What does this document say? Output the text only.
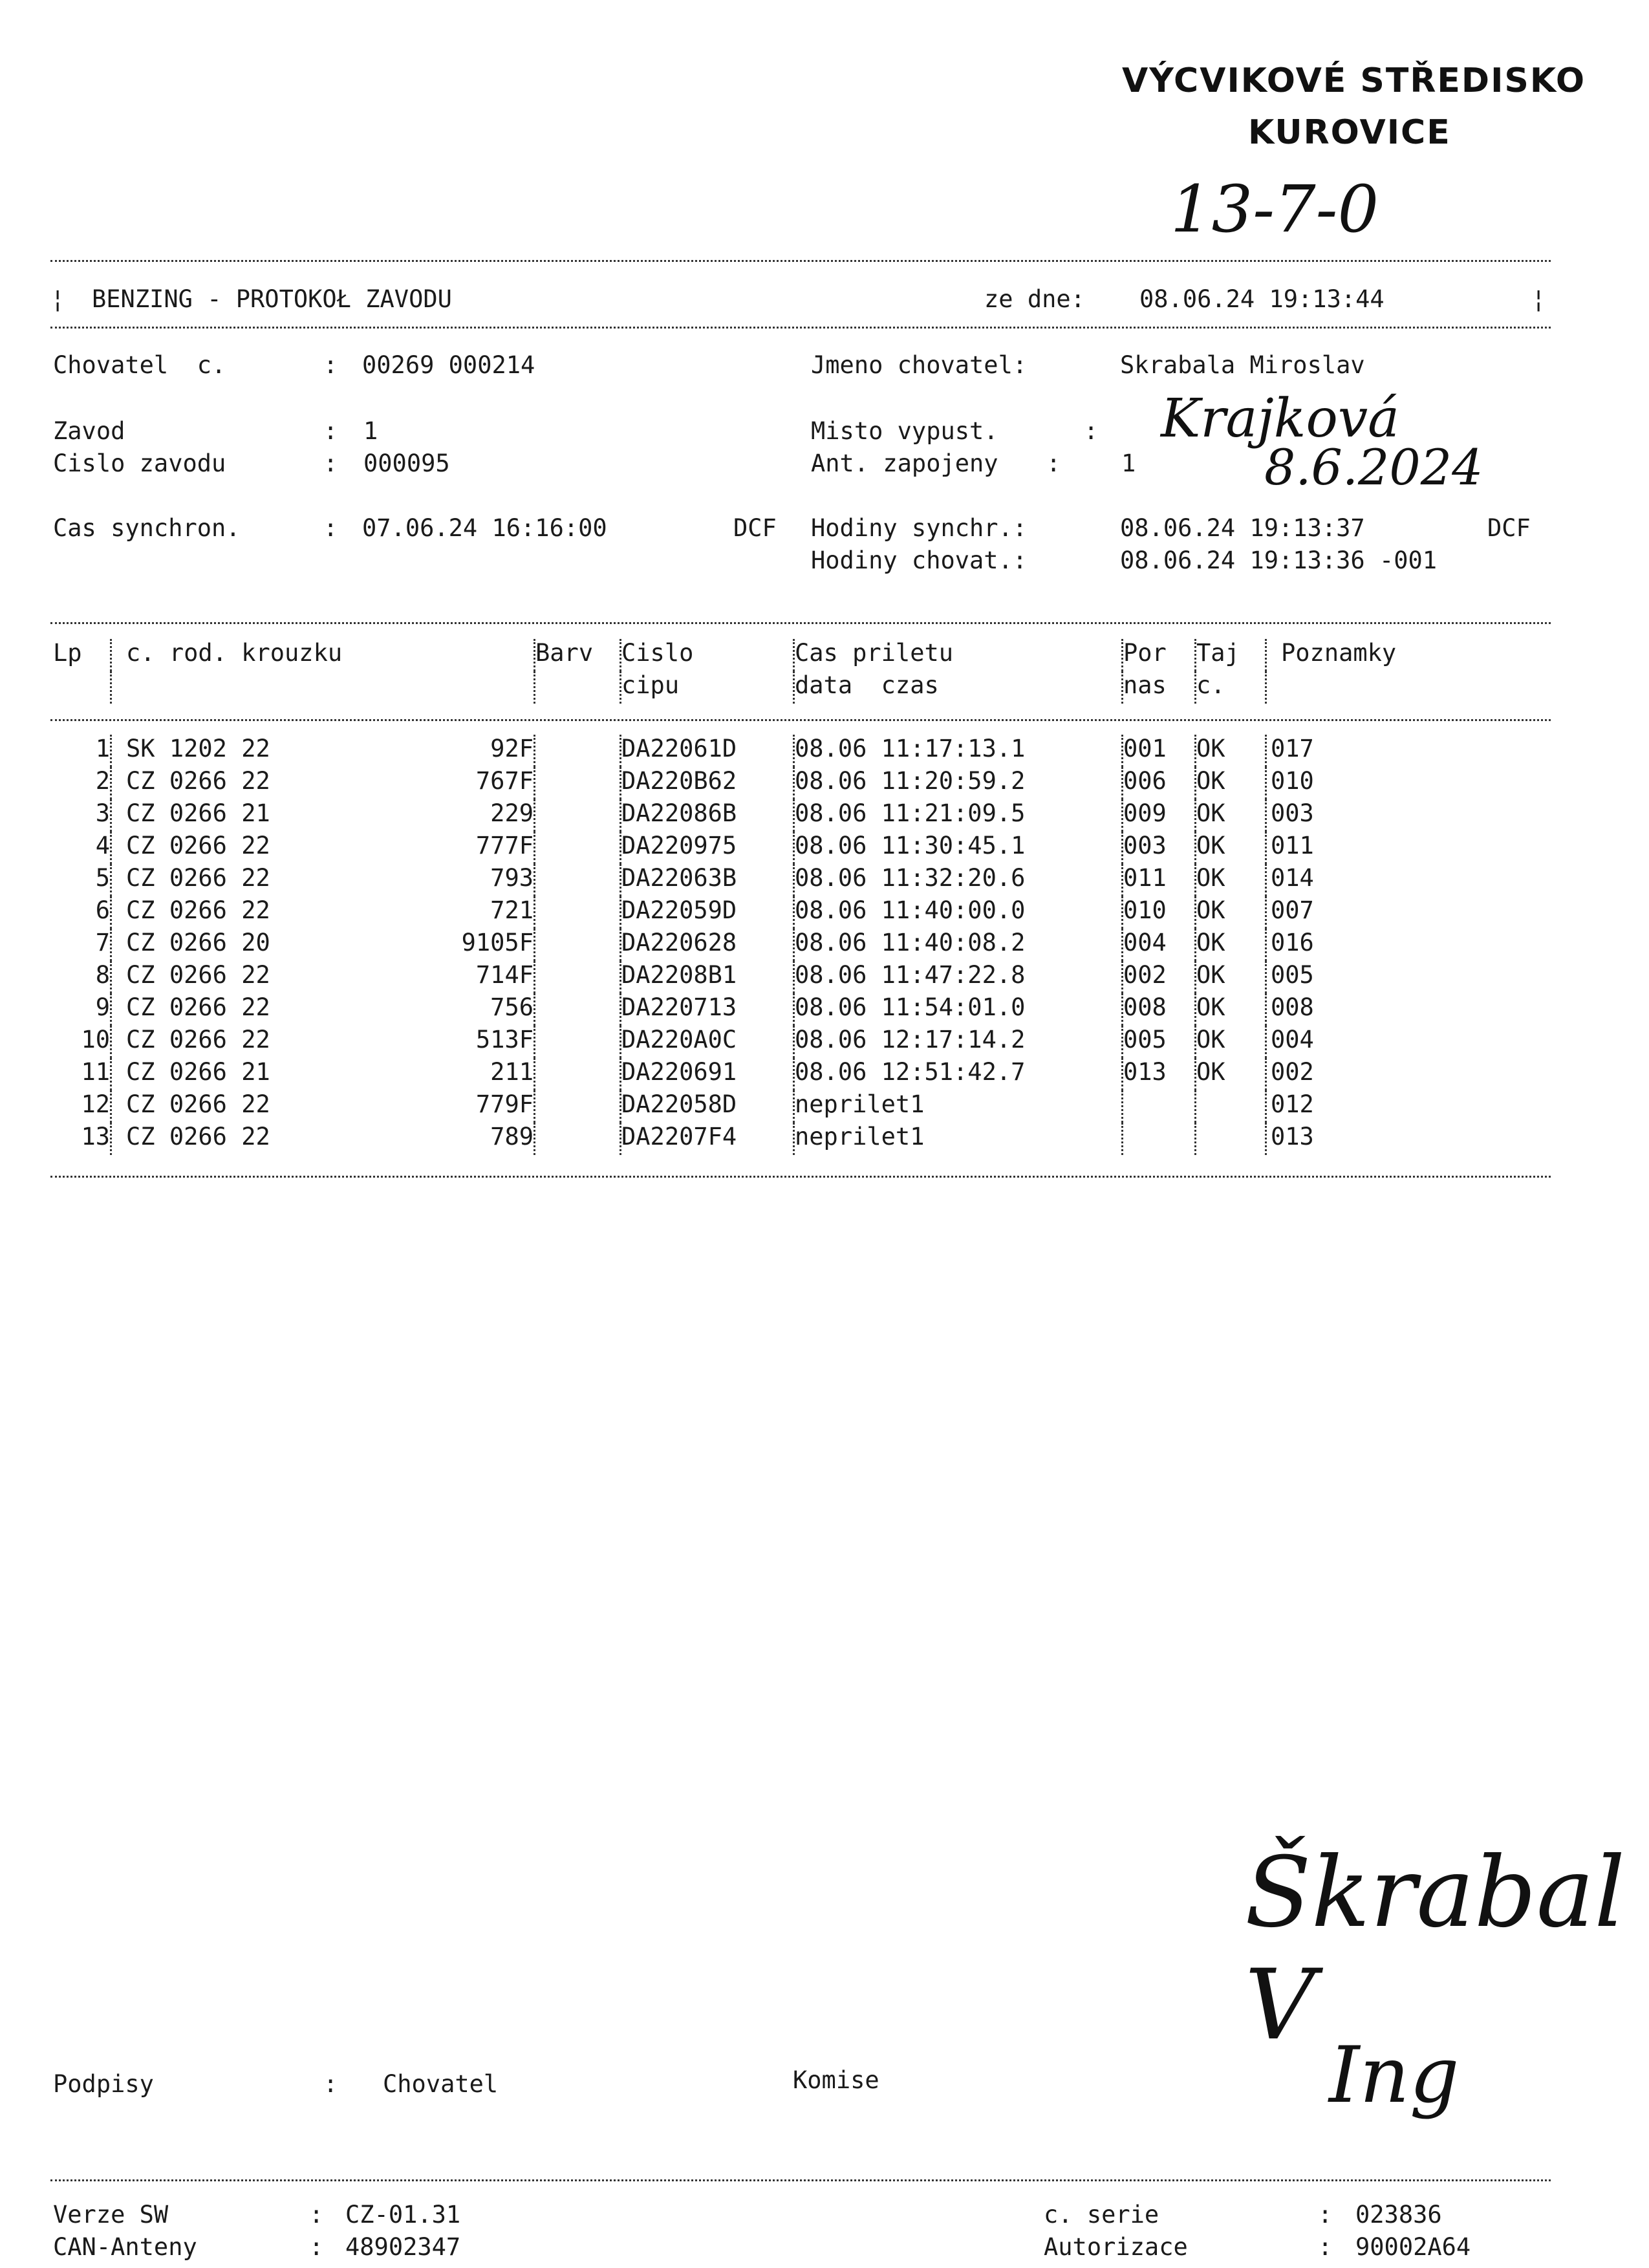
VÝCVIKOVÉ STŘEDISKO
KUROVICE
13-7-0
¦ BENZING - PROTOKOŁ ZAVODU	ze dne: 08.06.24 19:13:44	¦
Chovatel  c.	: 00269 000214	Jmeno chovatel:	Skrabala Miroslav
Zavod	: 1	Misto vypust.	:
Cislo zavodu	: 000095	Ant. zapojeny :	1
Krajková
8.6.2024
Cas synchron.	: 07.06.24 16:16:00	DCF Hodiny synchr.:	08.06.24 19:13:37	DCF
Hodiny chovat.:	08.06.24 19:13:36 -001
Lp	c. rod. krouzku	Barv	Cislo	Cas priletu	Por	Taj	Poznamky
			cipu	data  czas	nas	c.	
1	SK 1202 22	92F		DA22061D	08.06 11:17:13.1	001	OK	017
2	CZ 0266 22	767F		DA220B62	08.06 11:20:59.2	006	OK	010
3	CZ 0266 21	229		DA22086B	08.06 11:21:09.5	009	OK	003
4	CZ 0266 22	777F		DA220975	08.06 11:30:45.1	003	OK	011
5	CZ 0266 22	793		DA22063B	08.06 11:32:20.6	011	OK	014
6	CZ 0266 22	721		DA22059D	08.06 11:40:00.0	010	OK	007
7	CZ 0266 20	9105F		DA220628	08.06 11:40:08.2	004	OK	016
8	CZ 0266 22	714F		DA2208B1	08.06 11:47:22.8	002	OK	005
9	CZ 0266 22	756		DA220713	08.06 11:54:01.0	008	OK	008
10	CZ 0266 22	513F		DA220A0C	08.06 12:17:14.2	005	OK	004
11	CZ 0266 21	211		DA220691	08.06 12:51:42.7	013	OK	002
12	CZ 0266 22	779F		DA22058D	neprilet1			012
13	CZ 0266 22	789		DA2207F4	neprilet1			013
Podpisy	: Chovatel	Komise
Škrabal V
Ing
Verze SW	: CZ-01.31
CAN-Anteny	: 48902347
c. serie	: 023836
Autorizace	: 90002A64
